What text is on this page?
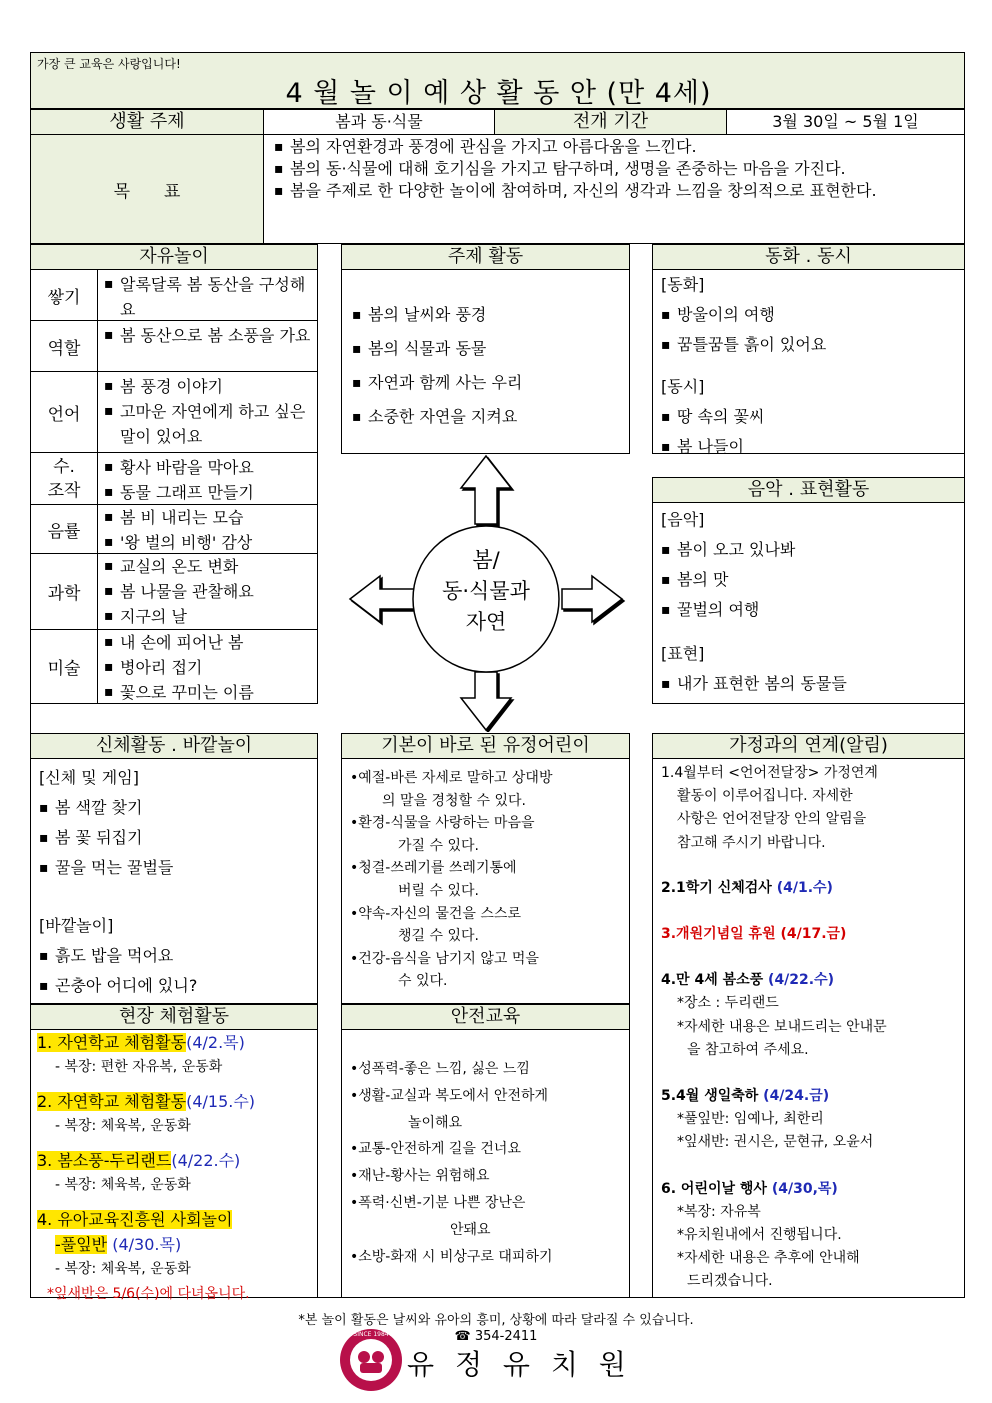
가장 큰 교육은 사랑입니다!
4 월 놀 이 예 상 활 동 안 (만 4세)
생활 주제	봄과 동·식물	전개 기간	3월 30일 ~ 5월 1일
목　　표
▪ 봄의 자연환경과 풍경에 관심을 가지고 아름다움을 느낀다.
▪ 봄의 동·식물에 대해 호기심을 가지고 탐구하며, 생명을 존중하는 마음을 가진다.
▪ 봄을 주제로 한 다양한 놀이에 참여하며, 자신의 생각과 느낌을 창의적으로 표현한다.
자유놀이
쌓기
▪ 알록달록 봄 동산을 구성해요
역할
▪ 봄 동산으로 봄 소풍을 가요
언어
▪ 봄 풍경 이야기
▪ 고마운 자연에게 하고 싶은 말이 있어요
수.조작
▪ 황사 바람을 막아요
▪ 동물 그래프 만들기
음률
▪ 봄 비 내리는 모습
▪ '왕 벌의 비행' 감상
과학
▪ 교실의 온도 변화
▪ 봄 나물을 관찰해요
▪ 지구의 날
미술
▪ 내 손에 피어난 봄
▪ 병아리 접기
▪ 꽃으로 꾸미는 이름
주제 활동
▪ 봄의 날씨와 풍경
▪ 봄의 식물과 동물
▪ 자연과 함께 사는 우리
▪ 소중한 자연을 지켜요
동화 . 동시
[동화]
▪ 방울이의 여행
▪ 꿈틀꿈틀 흙이 있어요
[동시]
▪ 땅 속의 꽃씨
▪ 봄 나들이
봄/
동·식물과
자연
음악 . 표현활동
[음악]
▪ 봄이 오고 있나봐
▪ 봄의 맛
▪ 꿀벌의 여행
[표현]
▪ 내가 표현한 봄의 동물들
신체활동 . 바깥놀이
[신체 및 게임]
▪ 봄 색깔 찾기
▪ 봄 꽃 뒤집기
▪ 꿀을 먹는 꿀벌들
[바깥놀이]
▪ 흙도 밥을 먹어요
▪ 곤충아 어디에 있니?
기본이 바로 된 유정어린이
•예절-바른 자세로 말하고 상대방
의 말을 경청할 수 있다.
•환경-식물을 사랑하는 마음을
가질 수 있다.
•청결-쓰레기를 쓰레기통에
버릴 수 있다.
•약속-자신의 물건을 스스로
챙길 수 있다.
•건강-음식을 남기지 않고 먹을
수 있다.
가정과의 연계(알림)
1.4월부터 <언어전달장> 가정연계
활동이 이루어집니다. 자세한
사항은 언어전달장 안의 알림을
참고해 주시기 바랍니다.
2.1학기 신체검사 (4/1.수)
3.개원기념일 휴원 (4/17.금)
4.만 4세 봄소풍 (4/22.수)
*장소 : 두리랜드
*자세한 내용은 보내드리는 안내문
을 참고하여 주세요.
5.4월 생일축하 (4/24.금)
*풀잎반: 임예나, 최한리
*잎새반: 권시은, 문현규, 오윤서
6. 어린이날 행사 (4/30,목)
*복장: 자유복
*유치원내에서 진행됩니다.
*자세한 내용은 추후에 안내해
드리겠습니다.
현장 체험활동
1. 자연학교 체험활동(4/2.목)
- 복장: 편한 자유복, 운동화
2. 자연학교 체험활동(4/15.수)
- 복장: 체육복, 운동화
3. 봄소풍-두리랜드(4/22.수)
- 복장: 체육복, 운동화
4. 유아교육진흥원 사회놀이
-풀잎반 (4/30.목)
- 복장: 체육복, 운동화
*잎새반은 5/6(수)에 다녀옵니다.
안전교육
•성폭력-좋은 느낌, 싫은 느낌
•생활-교실과 복도에서 안전하게
놀이해요
•교통-안전하게 길을 건너요
•재난-황사는 위험해요
•폭력·신변-기분 나쁜 장난은
안돼요
•소방-화재 시 비상구로 대피하기
*본 놀이 활동은 날씨와 유아의 흥미, 상황에 따라 달라질 수 있습니다.
☎ 354-2411
★SINCE 1984★
유 정 유 치 원
